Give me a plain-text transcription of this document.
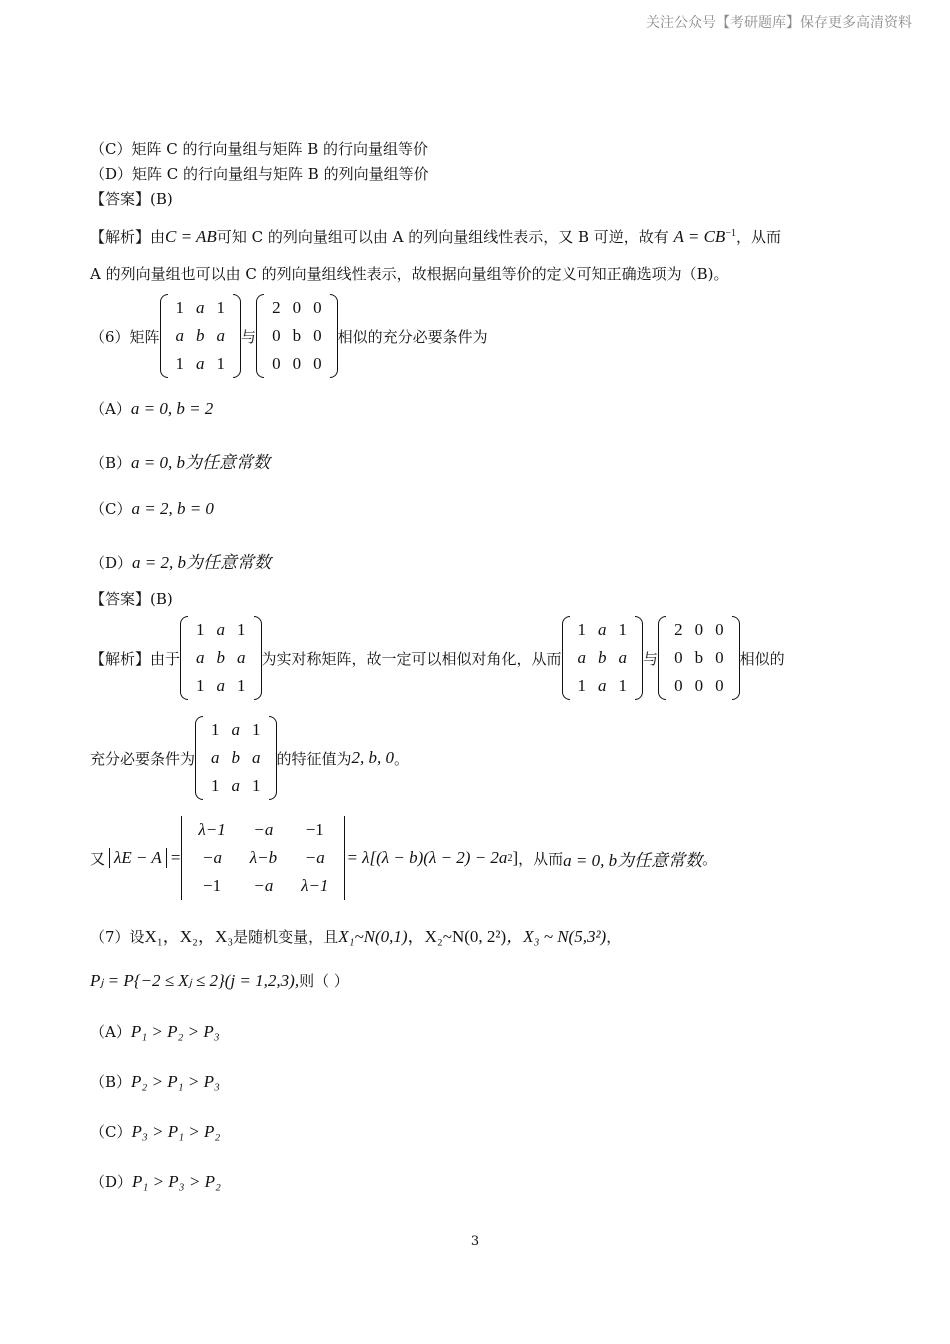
关注公众号【考研题库】保存更多高清资料
（C）矩阵 C 的行向量组与矩阵 B 的行向量组等价
（D）矩阵 C 的行向量组与矩阵 B 的列向量组等价
【答案】(B)
【解析】由C = AB可知 C 的列向量组可以由 A 的列向量组线性表示，又 B 可逆，故有 $A = CB^{-1}$，从而
A 的列向量组也可以由 C 的列向量组线性表示，故根据向量组等价的定义可知正确选项为（B)。
（6）矩阵
1	a	1
a	b	a
1	a	1
与
2	0	0
0	b	0
0	0	0
相似的充分必要条件为
（A）a = 0, b = 2
（B）a = 0, b为任意常数
（C）a = 2, b = 0
（D）a = 2, b为任意常数
【答案】(B)
【解析】 由于
1	a	1
a	b	a
1	a	1
为实对称矩阵，故一定可以相似对角化，从而
1	a	1
a	b	a
1	a	1
与
2	0	0
0	b	0
0	0	0
相似的
充分必要条件为
1	a	1
a	b	a
1	a	1
的特征值为 2, b, 0 。
又 λE − A =
λ−1	−a	−1
−a	λ−b	−a
−1	−a	λ−1
= λ[(λ − b)(λ − 2) − 2a 2 ] ，从而 a = 0, b为任意常数 。
（7）设X₁，X₂，X₃是随机变量，且X₁~N(0,1)，X₂~N(0, 2²)，X₃ ~ N(5,3²)，
Pⱼ = P{−2 ≤ Xⱼ ≤ 2}(j = 1,2,3),则（ ）
（A）P₁ > P₂ > P₃
（B）P₂ > P₁ > P₃
（C）P₃ > P₁ > P₂
（D）P₁ > P₃ > P₂
3
